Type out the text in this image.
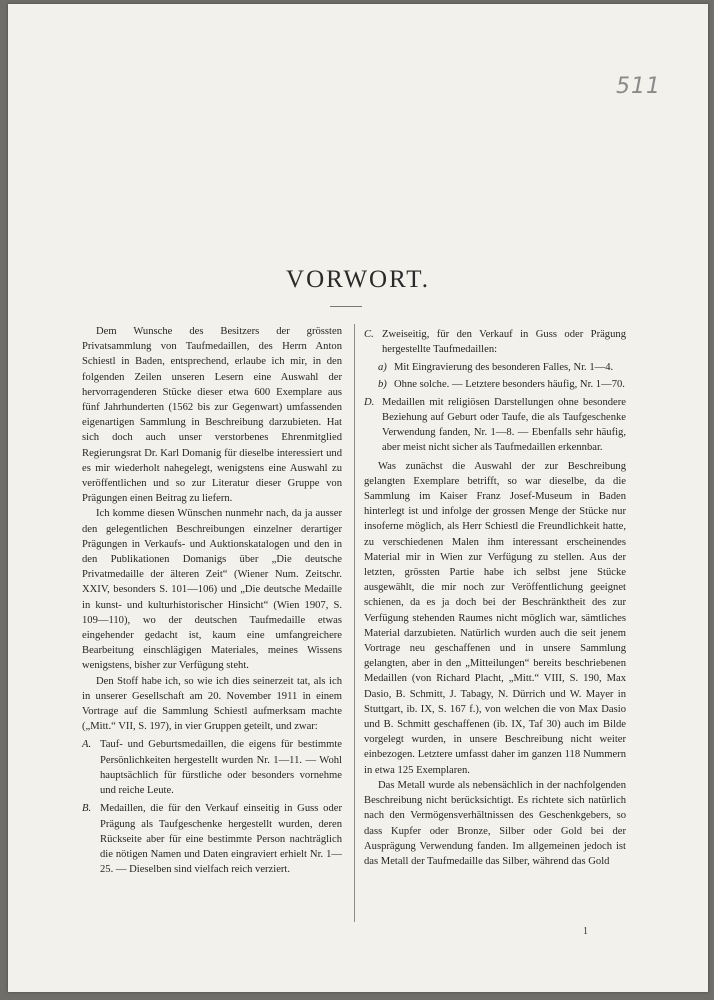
511
VORWORT.
Dem Wunsche des Besitzers der grössten Privatsammlung von Taufmedaillen, des Herrn Anton Schiestl in Baden, entsprechend, erlaube ich mir, in den folgenden Zeilen unseren Lesern eine Auswahl der hervorragenderen Stücke dieser etwa 600 Exemplare aus fünf Jahrhunderten (1562 bis zur Gegenwart) umfassenden eigenartigen Sammlung in Beschreibung darzubieten. Hat sich doch auch unser verstorbenes Ehrenmitglied Regierungsrat Dr. Karl Domanig für dieselbe interessiert und es mir wiederholt nahegelegt, wenigstens eine Auswahl zu veröffentlichen und so zur Literatur dieser Gruppe von Prägungen einen Beitrag zu liefern.
Ich komme diesen Wünschen nunmehr nach, da ja ausser den gelegentlichen Beschreibungen einzelner derartiger Prägungen in Verkaufs- und Auktionskatalogen und den in den Publikationen Domanigs über „Die deutsche Privatmedaille der älteren Zeit“ (Wiener Num. Zeitschr. XXIV, besonders S. 101—106) und „Die deutsche Medaille in kunst- und kulturhistorischer Hinsicht“ (Wien 1907, S. 109—110), wo der deutschen Taufmedaille etwas eingehender gedacht ist, kaum eine umfangreichere Bearbeitung einschlägigen Materiales, meines Wissens wenigstens, bisher zur Verfügung steht.
Den Stoff habe ich, so wie ich dies seinerzeit tat, als ich in unserer Gesellschaft am 20. November 1911 in einem Vortrage auf die Sammlung Schiestl aufmerksam machte („Mitt.“ VII, S. 197), in vier Gruppen geteilt, und zwar:
A. Tauf- und Geburtsmedaillen, die eigens für bestimmte Persönlichkeiten hergestellt wurden Nr. 1—11. — Wohl hauptsächlich für fürstliche oder besonders vornehme und reiche Leute.
B. Medaillen, die für den Verkauf einseitig in Guss oder Prägung als Taufgeschenke hergestellt wurden, deren Rückseite aber für eine bestimmte Person nachträglich die nötigen Namen und Daten eingraviert erhielt Nr. 1—25. — Dieselben sind vielfach reich verziert.
C. Zweiseitig, für den Verkauf in Guss oder Prägung hergestellte Taufmedaillen:
a) Mit Eingravierung des besonderen Falles, Nr. 1—4.
b) Ohne solche. — Letztere besonders häufig, Nr. 1—70.
D. Medaillen mit religiösen Darstellungen ohne besondere Beziehung auf Geburt oder Taufe, die als Taufgeschenke Verwendung fanden, Nr. 1—8. — Ebenfalls sehr häufig, aber meist nicht sicher als Taufmedaillen erkennbar.
Was zunächst die Auswahl der zur Beschreibung gelangten Exemplare betrifft, so war dieselbe, da die Sammlung im Kaiser Franz Josef-Museum in Baden hinterlegt ist und infolge der grossen Menge der Stücke nur insoferne möglich, als Herr Schiestl die Freundlichkeit hatte, zu verschiedenen Malen ihm interessant erscheinendes Material mir in Wien zur Verfügung zu stellen. Aus der letzten, grössten Partie habe ich selbst jene Stücke ausgewählt, die mir noch zur Veröffentlichung geeignet schienen, da es ja doch bei der Beschränktheit des zur Verfügung stehenden Raumes nicht möglich war, sämtliches Material darzubieten. Natürlich wurden auch die seit jenem Vortrage neu geschaffenen und in unsere Sammlung gelangten, aber in den „Mitteilungen“ bereits beschriebenen Medaillen (von Richard Placht, „Mitt.“ VIII, S. 190, Max Dasio, B. Schmitt, J. Tabagy, N. Dürrich und W. Mayer in Stuttgart, ib. IX, S. 167 f.), von welchen die von Max Dasio und B. Schmitt geschaffenen (ib. IX, Taf 30) auch im Bilde vorgelegt wurden, in unsere Beschreibung nicht weiter einbezogen. Letztere umfasst daher im ganzen 118 Nummern in etwa 125 Exemplaren.
Das Metall wurde als nebensächlich in der nachfolgenden Beschreibung nicht berücksichtigt. Es richtete sich natürlich nach den Vermögensverhältnissen des Geschenkgebers, so dass Kupfer oder Bronze, Silber oder Gold bei der Ausprägung Verwendung fanden. Im allgemeinen jedoch ist das Metall der Taufmedaille das Silber, während das Gold
1
